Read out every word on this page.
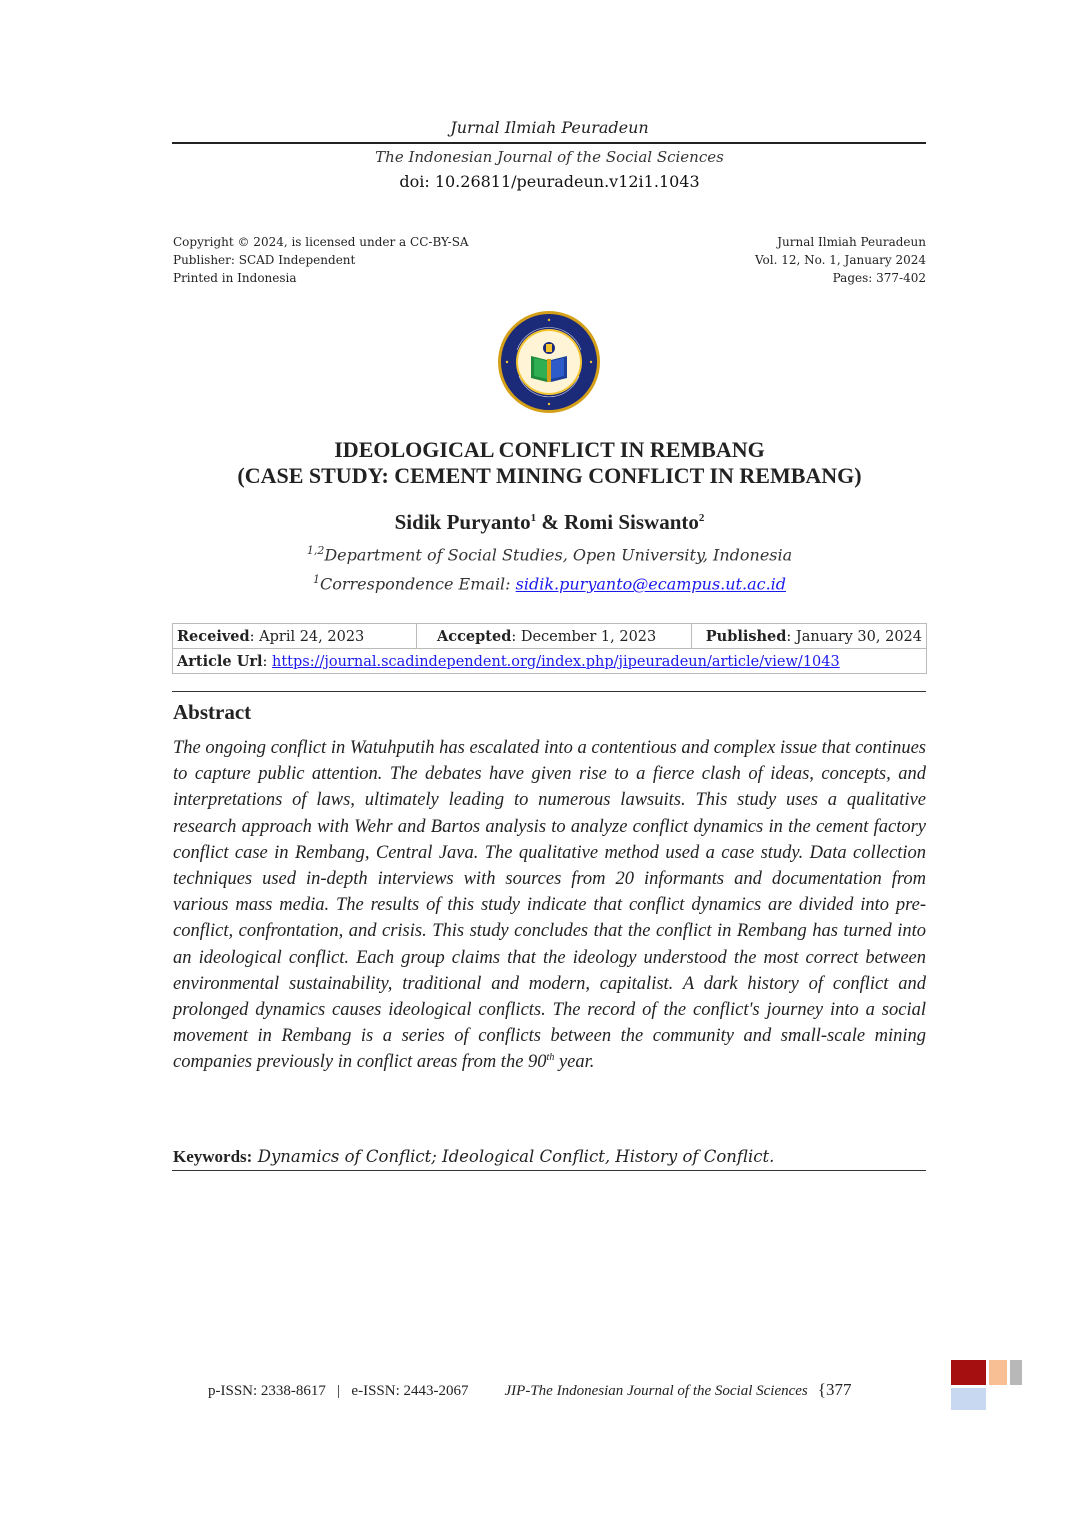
Jurnal Ilmiah Peuradeun
The Indonesian Journal of the Social Sciences
doi: 10.26811/peuradeun.v12i1.1043
Copyright © 2024, is licensed under a CC-BY-SA
Publisher: SCAD Independent
Printed in Indonesia
Jurnal Ilmiah Peuradeun
Vol. 12, No. 1, January 2024
Pages: 377-402
IDEOLOGICAL CONFLICT IN REMBANG
(CASE STUDY: CEMENT MINING CONFLICT IN REMBANG)
Sidik Puryanto$^1$ & Romi Siswanto$^2$
$^{1,2}$Department of Social Studies, Open University, Indonesia
$^1$Correspondence Email: sidik.puryanto@ecampus.ut.ac.id
Received: April 24, 2023	Accepted: December 1, 2023	Published: January 30, 2024
Article Url: https://journal.scadindependent.org/index.php/jipeuradeun/article/view/1043
Abstract

The ongoing conflict in Watuhputih has escalated into a contentious and complex issue that continues to capture public attention. The debates have given rise to a fierce clash of ideas, concepts, and interpretations of laws, ultimately leading to numerous lawsuits. This study uses a qualitative research approach with Wehr and Bartos analysis to analyze conflict dynamics in the cement factory conflict case in Rembang, Central Java. The qualitative method used a case study. Data collection techniques used in-depth interviews with sources from 20 informants and documentation from various mass media. The results of this study indicate that conflict dynamics are divided into pre-conflict, confrontation, and crisis. This study concludes that the conflict in Rembang has turned into an ideological conflict. Each group claims that the ideology understood the most correct between environmental sustainability, traditional and modern, capitalist. A dark history of conflict and prolonged dynamics causes ideological conflicts. The record of the conflict's journey into a social movement in Rembang is a series of conflicts between the community and small-scale mining companies previously in conflict areas from the 90th year.

Keywords: Dynamics of Conflict; Ideological Conflict, History of Conflict.
p-ISSN: 2338-8617   |   e-ISSN: 2443-2067 JIP-The Indonesian Journal of the Social Sciences {377
